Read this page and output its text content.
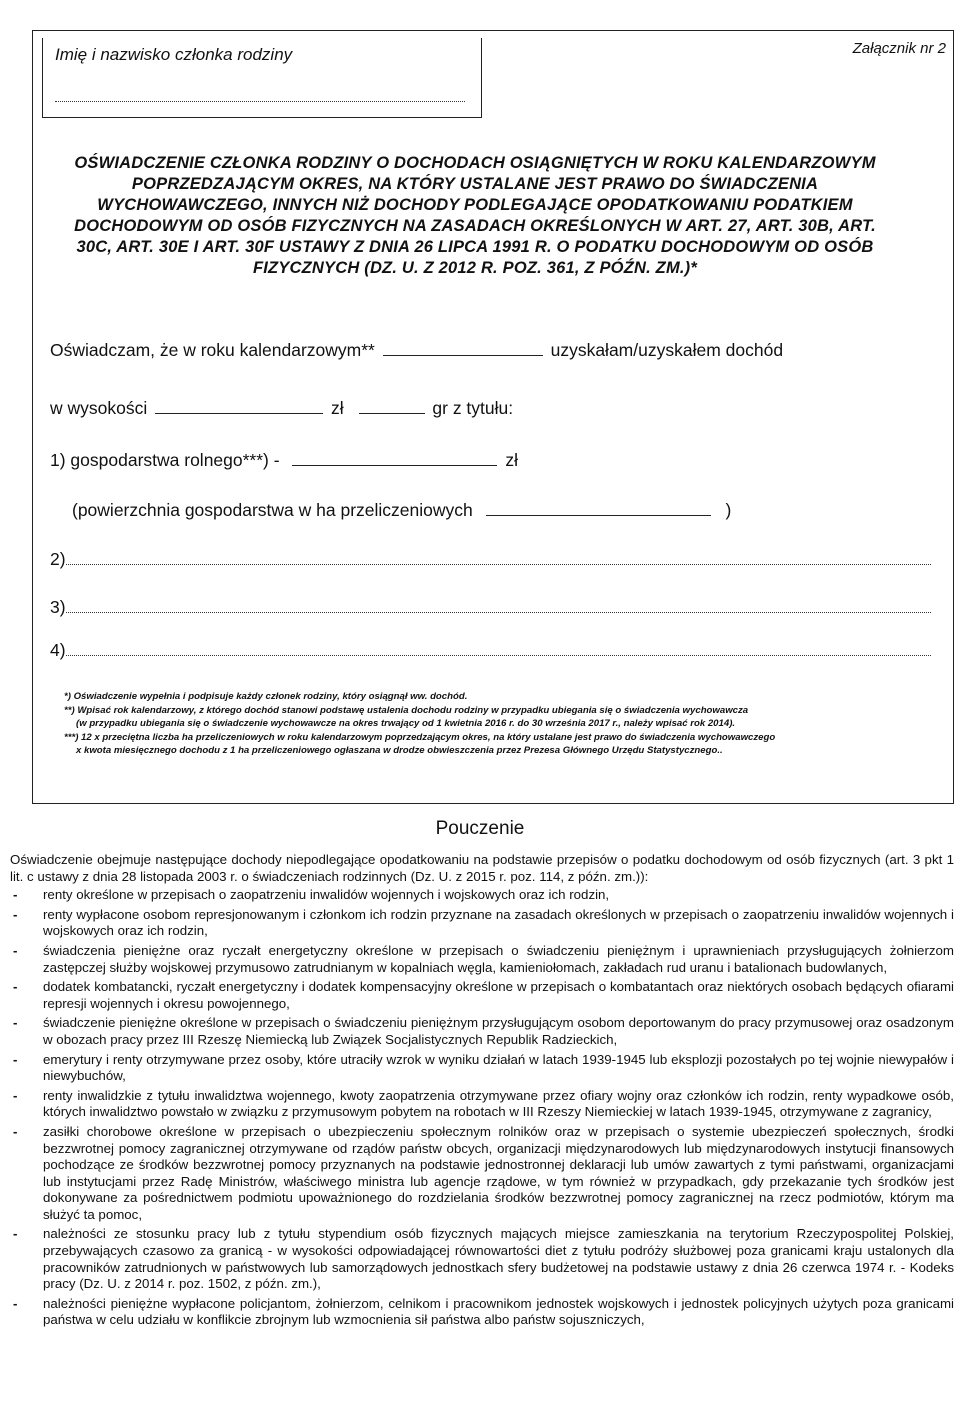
Imię i nazwisko członka rodziny	Załącznik nr 2
OŚWIADCZENIE CZŁONKA RODZINY O DOCHODACH OSIĄGNIĘTYCH W ROKU KALENDARZOWYM POPRZEDZAJĄCYM OKRES, NA KTÓRY USTALANE JEST PRAWO DO ŚWIADCZENIA WYCHOWAWCZEGO, INNYCH NIŻ DOCHODY PODLEGAJĄCE OPODATKOWANIU PODATKIEM DOCHODOWYM OD OSÓB FIZYCZNYCH NA ZASADACH OKREŚLONYCH W ART. 27, ART. 30B, ART. 30C, ART. 30E I ART. 30F USTAWY Z DNIA 26 LIPCA 1991 R. O PODATKU DOCHODOWYM OD OSÓB FIZYCZNYCH (DZ. U. Z 2012 R. POZ. 361, Z PÓŹN. ZM.)*
Oświadczam, że w roku kalendarzowym**	uzyskałam/uzyskałem dochód
w wysokości	zł	gr z tytułu:
1) gospodarstwa rolnego***) -	zł
(powierzchnia gospodarstwa w ha przeliczeniowych	)
2)
3)
4)

*) Oświadczenie wypełnia i podpisuje każdy członek rodziny, który osiągnął ww. dochód.

**) Wpisać rok kalendarzowy, z którego dochód stanowi podstawę ustalenia dochodu rodziny w przypadku ubiegania się o świadczenia wychowawcza

(w przypadku ubiegania się o świadczenie wychowawcze na okres trwający od 1 kwietnia 2016 r. do 30 września 2017 r., należy wpisać rok 2014).

***) 12 x przeciętna liczba ha przeliczeniowych w roku kalendarzowym poprzedzającym okres, na który ustalane jest prawo do świadczenia wychowawczego

x kwota miesięcznego dochodu z 1 ha przeliczeniowego ogłaszana w drodze obwieszczenia przez Prezesa Głównego Urzędu Statystycznego..

Pouczenie

Oświadczenie obejmuje następujące dochody niepodlegające opodatkowaniu na podstawie przepisów o podatku dochodowym od osób fizycznych (art. 3 pkt 1 lit. c ustawy z dnia 28 listopada 2003 r. o świadczeniach rodzinnych (Dz. U. z 2015 r. poz. 114, z późn. zm.)):

- renty określone w przepisach o zaopatrzeniu inwalidów wojennych i wojskowych oraz ich rodzin,
- renty wypłacone osobom represjonowanym i członkom ich rodzin przyznane na zasadach określonych w przepisach o zaopatrzeniu inwalidów wojennych i wojskowych oraz ich rodzin,
- świadczenia pieniężne oraz ryczałt energetyczny określone w przepisach o świadczeniu pieniężnym i uprawnieniach przysługujących żołnierzom zastępczej służby wojskowej przymusowo zatrudnianym w kopalniach węgla, kamieniołomach, zakładach rud uranu i batalionach budowlanych,
- dodatek kombatancki, ryczałt energetyczny i dodatek kompensacyjny określone w przepisach o kombatantach oraz niektórych osobach będących ofiarami represji wojennych i okresu powojennego,
- świadczenie pieniężne określone w przepisach o świadczeniu pieniężnym przysługującym osobom deportowanym do pracy przymusowej oraz osadzonym w obozach pracy przez III Rzeszę Niemiecką lub Związek Socjalistycznych Republik Radzieckich,
- emerytury i renty otrzymywane przez osoby, które utraciły wzrok w wyniku działań w latach 1939-1945 lub eksplozji pozostałych po tej wojnie niewypałów i niewybuchów,
- renty inwalidzkie z tytułu inwalidztwa wojennego, kwoty zaopatrzenia otrzymywane przez ofiary wojny oraz członków ich rodzin, renty wypadkowe osób, których inwalidztwo powstało w związku z przymusowym pobytem na robotach w III Rzeszy Niemieckiej w latach 1939-1945, otrzymywane z zagranicy,
- zasiłki chorobowe określone w przepisach o ubezpieczeniu społecznym rolników oraz w przepisach o systemie ubezpieczeń społecznych, środki bezzwrotnej pomocy zagranicznej otrzymywane od rządów państw obcych, organizacji międzynarodowych lub międzynarodowych instytucji finansowych pochodzące ze środków bezzwrotnej pomocy przyznanych na podstawie jednostronnej deklaracji lub umów zawartych z tymi państwami, organizacjami lub instytucjami przez Radę Ministrów, właściwego ministra lub agencje rządowe, w tym również w przypadkach, gdy przekazanie tych środków jest dokonywane za pośrednictwem podmiotu upoważnionego do rozdzielania środków bezzwrotnej pomocy zagranicznej na rzecz podmiotów, którym ma służyć ta pomoc,
- należności ze stosunku pracy lub z tytułu stypendium osób fizycznych mających miejsce zamieszkania na terytorium Rzeczypospolitej Polskiej, przebywających czasowo za granicą - w wysokości odpowiadającej równowartości diet z tytułu podróży służbowej poza granicami kraju ustalonych dla pracowników zatrudnionych w państwowych lub samorządowych jednostkach sfery budżetowej na podstawie ustawy z dnia 26 czerwca 1974 r. - Kodeks pracy (Dz. U. z 2014 r. poz. 1502, z późn. zm.),
- należności pieniężne wypłacone policjantom, żołnierzom, celnikom i pracownikom jednostek wojskowych i jednostek policyjnych użytych poza granicami państwa w celu udziału w konflikcie zbrojnym lub wzmocnienia sił państwa albo państw sojuszniczych,
